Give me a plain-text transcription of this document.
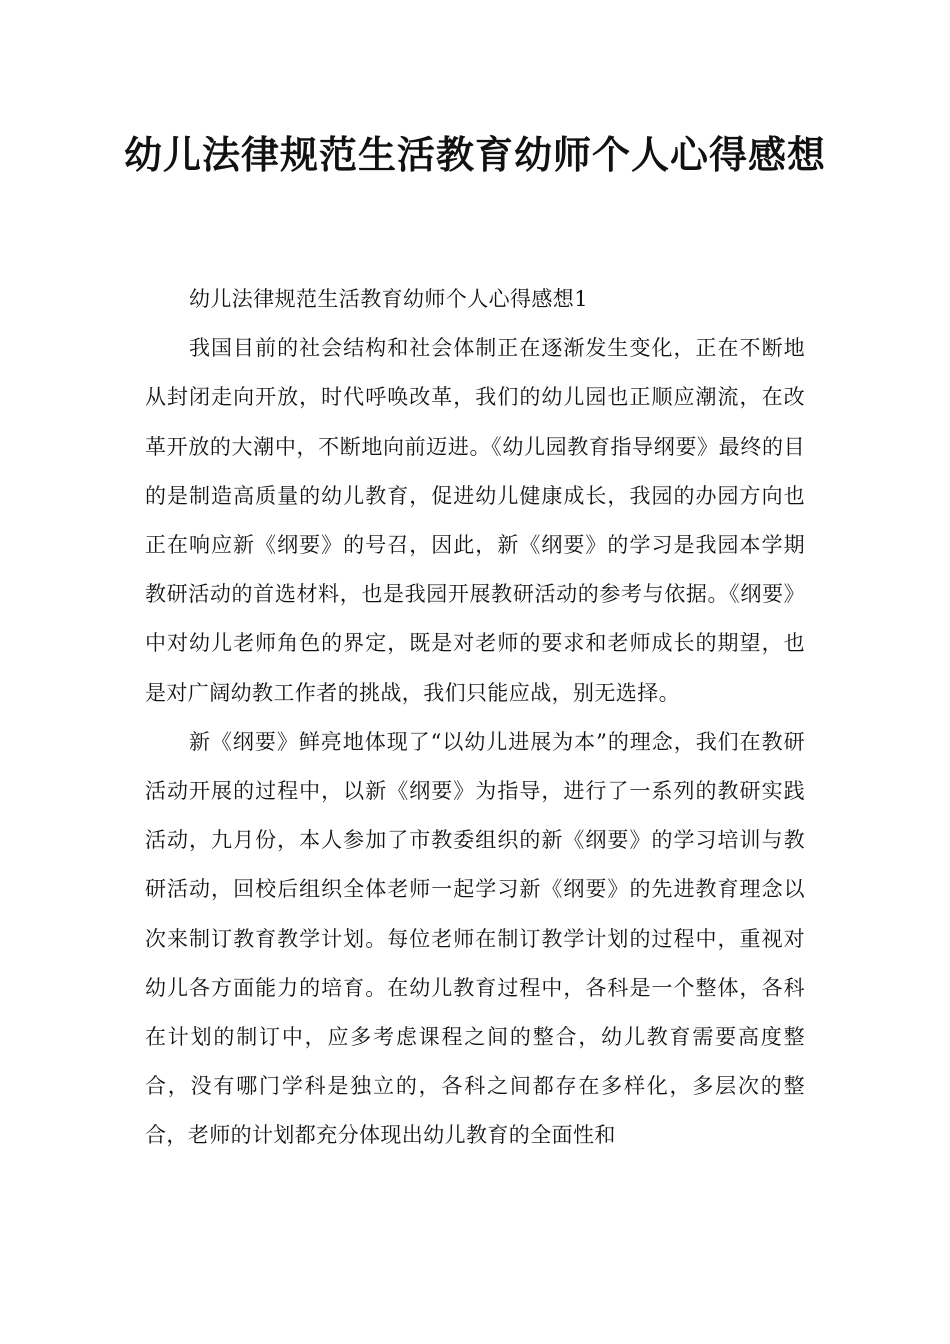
幼儿法律规范生活教育幼师个人心得感想

幼儿法律规范生活教育幼师个人心得感想1

我国目前的社会结构和社会体制正在逐渐发生变化，正在不断地从封闭走向开放，时代呼唤改革，我们的幼儿园也正顺应潮流，在改革开放的大潮中，不断地向前迈进。《幼儿园教育指导纲要》最终的目的是制造高质量的幼儿教育，促进幼儿健康成长，我园的办园方向也正在响应新《纲要》的号召，因此，新《纲要》的学习是我园本学期教研活动的首选材料，也是我园开展教研活动的参考与依据。《纲要》中对幼儿老师角色的界定，既是对老师的要求和老师成长的期望，也是对广阔幼教工作者的挑战，我们只能应战，别无选择。

新《纲要》鲜亮地体现了“以幼儿进展为本”的理念，我们在教研活动开展的过程中，以新《纲要》为指导，进行了一系列的教研实践活动，九月份，本人参加了市教委组织的新《纲要》的学习培训与教研活动，回校后组织全体老师一起学习新《纲要》的先进教育理念以次来制订教育教学计划。每位老师在制订教学计划的过程中，重视对幼儿各方面能力的培育。在幼儿教育过程中，各科是一个整体，各科在计划的制订中，应多考虑课程之间的整合，幼儿教育需要高度整合，没有哪门学科是独立的，各科之间都存在多样化，多层次的整合，老师的计划都充分体现出幼儿教育的全面性和
